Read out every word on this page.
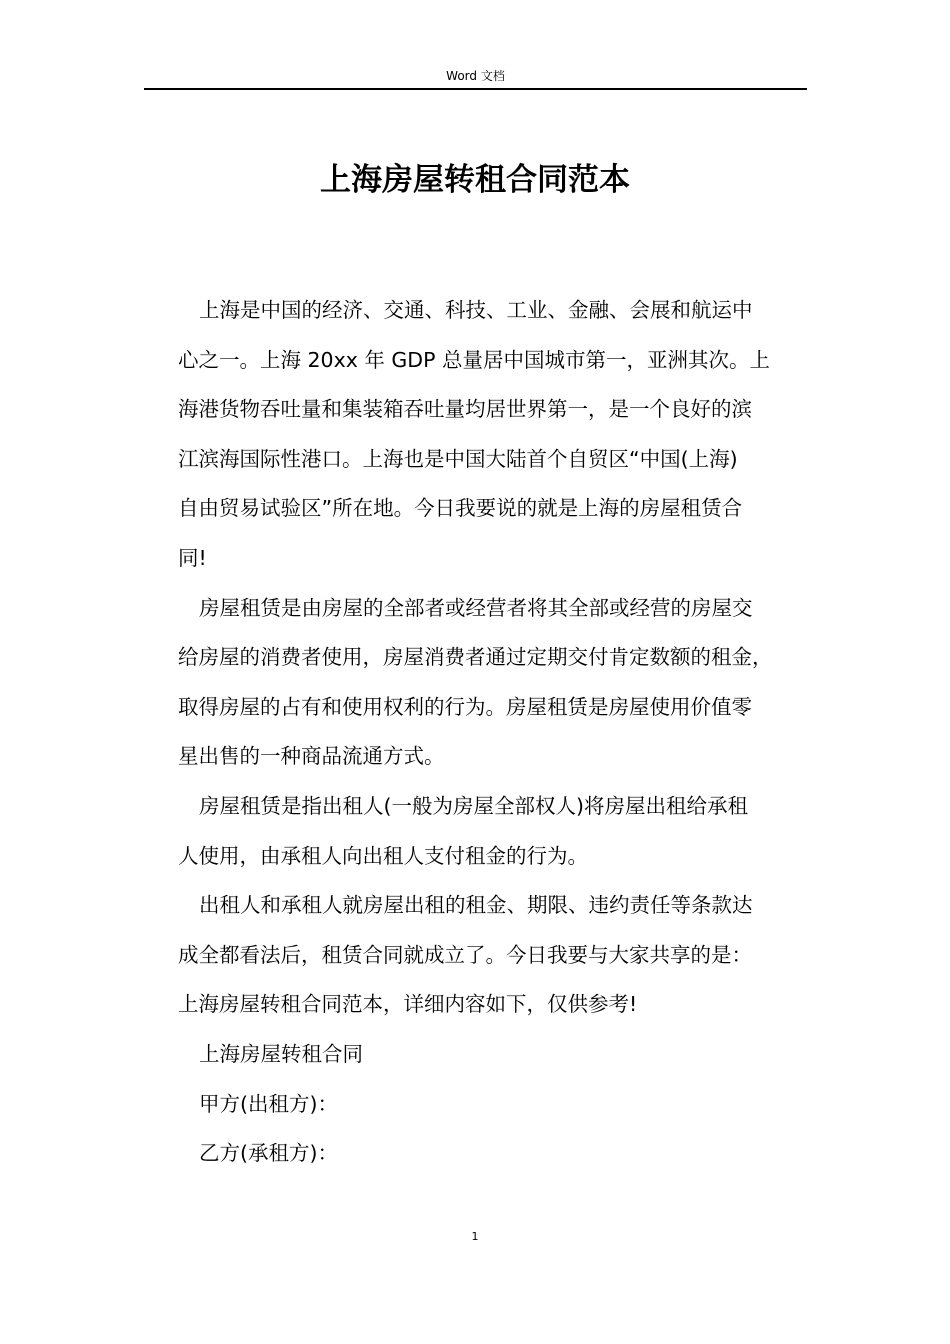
Word 文档
上海房屋转租合同范本
上海是中国的经济、交通、科技、工业、金融、会展和航运中
心之一。上海 20xx 年 GDP 总量居中国城市第一，亚洲其次。上
海港货物吞吐量和集装箱吞吐量均居世界第一，是一个良好的滨
江滨海国际性港口。上海也是中国大陆首个自贸区“中国(上海)
自由贸易试验区”所在地。今日我要说的就是上海的房屋租赁合
同!
房屋租赁是由房屋的全部者或经营者将其全部或经营的房屋交
给房屋的消费者使用，房屋消费者通过定期交付肯定数额的租金，
取得房屋的占有和使用权利的行为。房屋租赁是房屋使用价值零
星出售的一种商品流通方式。
房屋租赁是指出租人(一般为房屋全部权人)将房屋出租给承租
人使用，由承租人向出租人支付租金的行为。
出租人和承租人就房屋出租的租金、期限、违约责任等条款达
成全都看法后，租赁合同就成立了。今日我要与大家共享的是：
上海房屋转租合同范本，详细内容如下，仅供参考!
上海房屋转租合同
甲方(出租方)：
乙方(承租方)：
1
